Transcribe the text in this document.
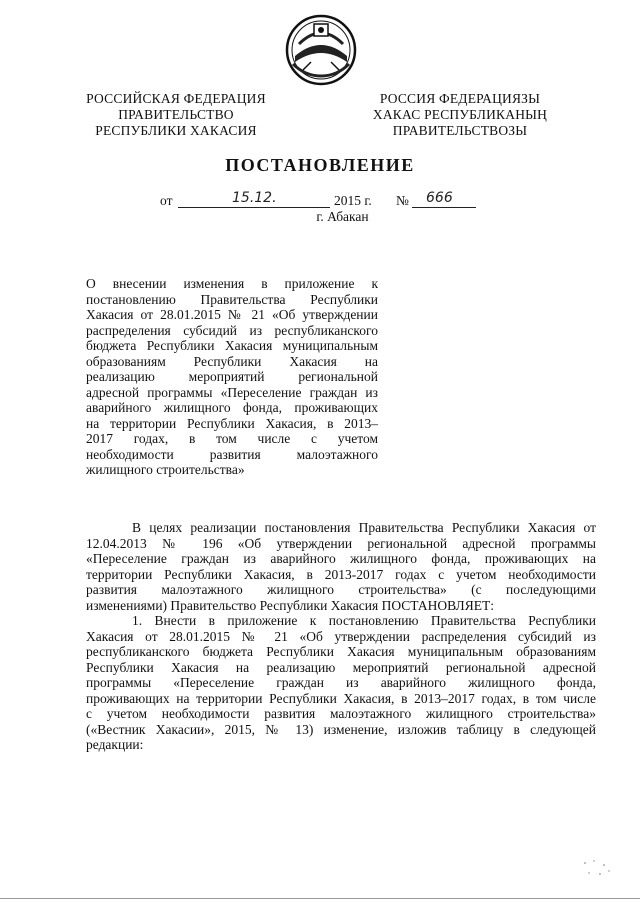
РОССИЙСКАЯ ФЕДЕРАЦИЯ
ПРАВИТЕЛЬСТВО
РЕСПУБЛИКИ ХАКАСИЯ
РОССИЯ ФЕДЕРАЦИЯЗЫ
ХАКАС РЕСПУБЛИКАНЫҢ
ПРАВИТЕЛЬСТВОЗЫ
ПОСТАНОВЛЕНИЕ
от	15.12.	2015 г. № 666
г. Абакан

О внесении изменения в приложение к

постановлению Правительства Республики

Хакасия от 28.01.2015 № 21 «Об утверждении

распределения субсидий из республиканского

бюджета Республики Хакасия муниципальным

образованиям Республики Хакасия на

реализацию мероприятий региональной

адресной программы «Переселение граждан из

аварийного жилищного фонда, проживающих

на территории Республики Хакасия, в 2013–

2017 годах, в том числе с учетом

необходимости развития малоэтажного

жилищного строительства»

В целях реализации постановления Правительства Республики Хакасия от

12.04.2013 № 196 «Об утверждении региональной адресной программы

«Переселение граждан из аварийного жилищного фонда, проживающих на

территории Республики Хакасия, в 2013-2017 годах с учетом необходимости

развития малоэтажного жилищного строительства» (с последующими

изменениями) Правительство Республики Хакасия ПОСТАНОВЛЯЕТ:

1. Внести в приложение к постановлению Правительства Республики

Хакасия от 28.01.2015 № 21 «Об утверждении распределения субсидий из

республиканского бюджета Республики Хакасия муниципальным образованиям

Республики Хакасия на реализацию мероприятий региональной адресной

программы «Переселение граждан из аварийного жилищного фонда,

проживающих на территории Республики Хакасия, в 2013–2017 годах, в том числе

с учетом необходимости развития малоэтажного жилищного строительства»

(«Вестник Хакасии», 2015, № 13) изменение, изложив таблицу в следующей

редакции:
